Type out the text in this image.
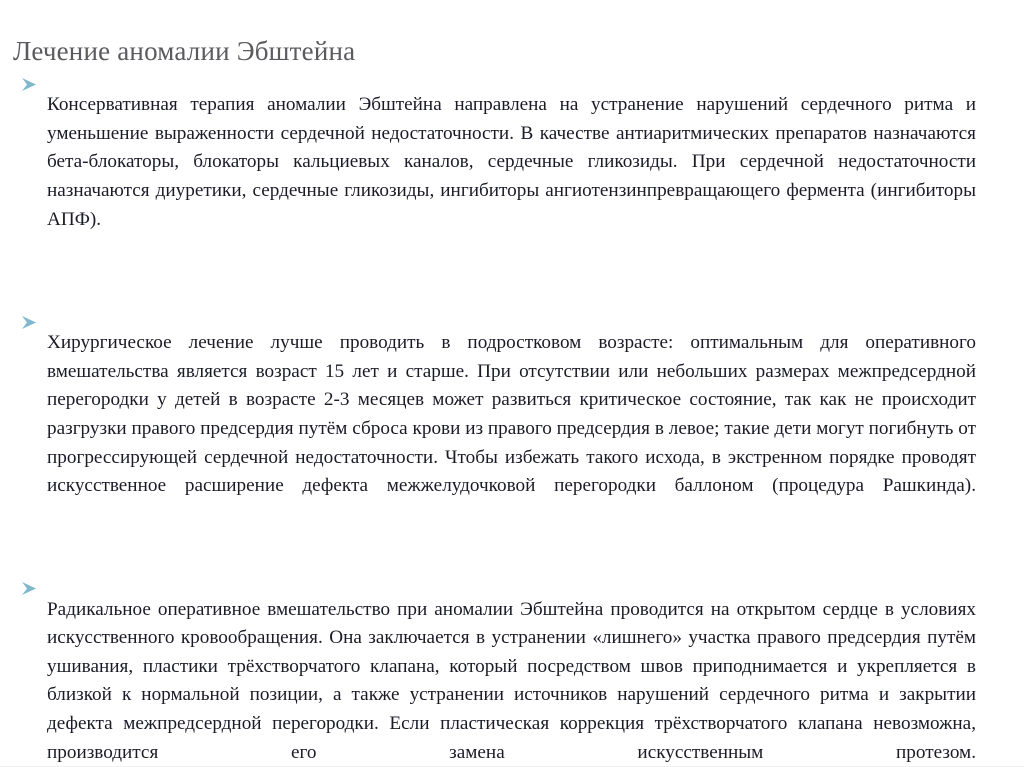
Лечение аномалии Эбштейна

Консервативная терапия аномалии Эбштейна направлена на устранение нарушений сердечного ритма и уменьшение выраженности сердечной недостаточности. В качестве антиаритмических препаратов назначаются бета-блокаторы, блокаторы кальциевых каналов, сердечные гликозиды. При сердечной недостаточности назначаются диуретики, сердечные гликозиды, ингибиторы ангиотензинпревращающего фермента (ингибиторы АПФ).

Хирургическое лечение лучше проводить в подростковом возрасте: оптимальным для оперативного вмешательства является возраст 15 лет и старше. При отсутствии или небольших размерах межпредсердной перегородки у детей в возрасте 2-3 месяцев может развиться критическое состояние, так как не происходит разгрузки правого предсердия путём сброса крови из правого предсердия в левое; такие дети могут погибнуть от прогрессирующей сердечной недостаточности. Чтобы избежать такого исхода, в экстренном порядке проводят искусственное расширение дефекта межжелудочковой перегородки баллоном (процедура Рашкинда).

Радикальное оперативное вмешательство при аномалии Эбштейна проводится на открытом сердце в условиях искусственного кровообращения. Она заключается в устранении «лишнего» участка правого предсердия путём ушивания, пластики трёхстворчатого клапана, который посредством швов приподнимается и укрепляется в близкой к нормальной позиции, а также устранении источников нарушений сердечного ритма и закрытии дефекта межпредсердной перегородки. Если пластическая коррекция трёхстворчатого клапана невозможна, производится его замена искусственным протезом.
